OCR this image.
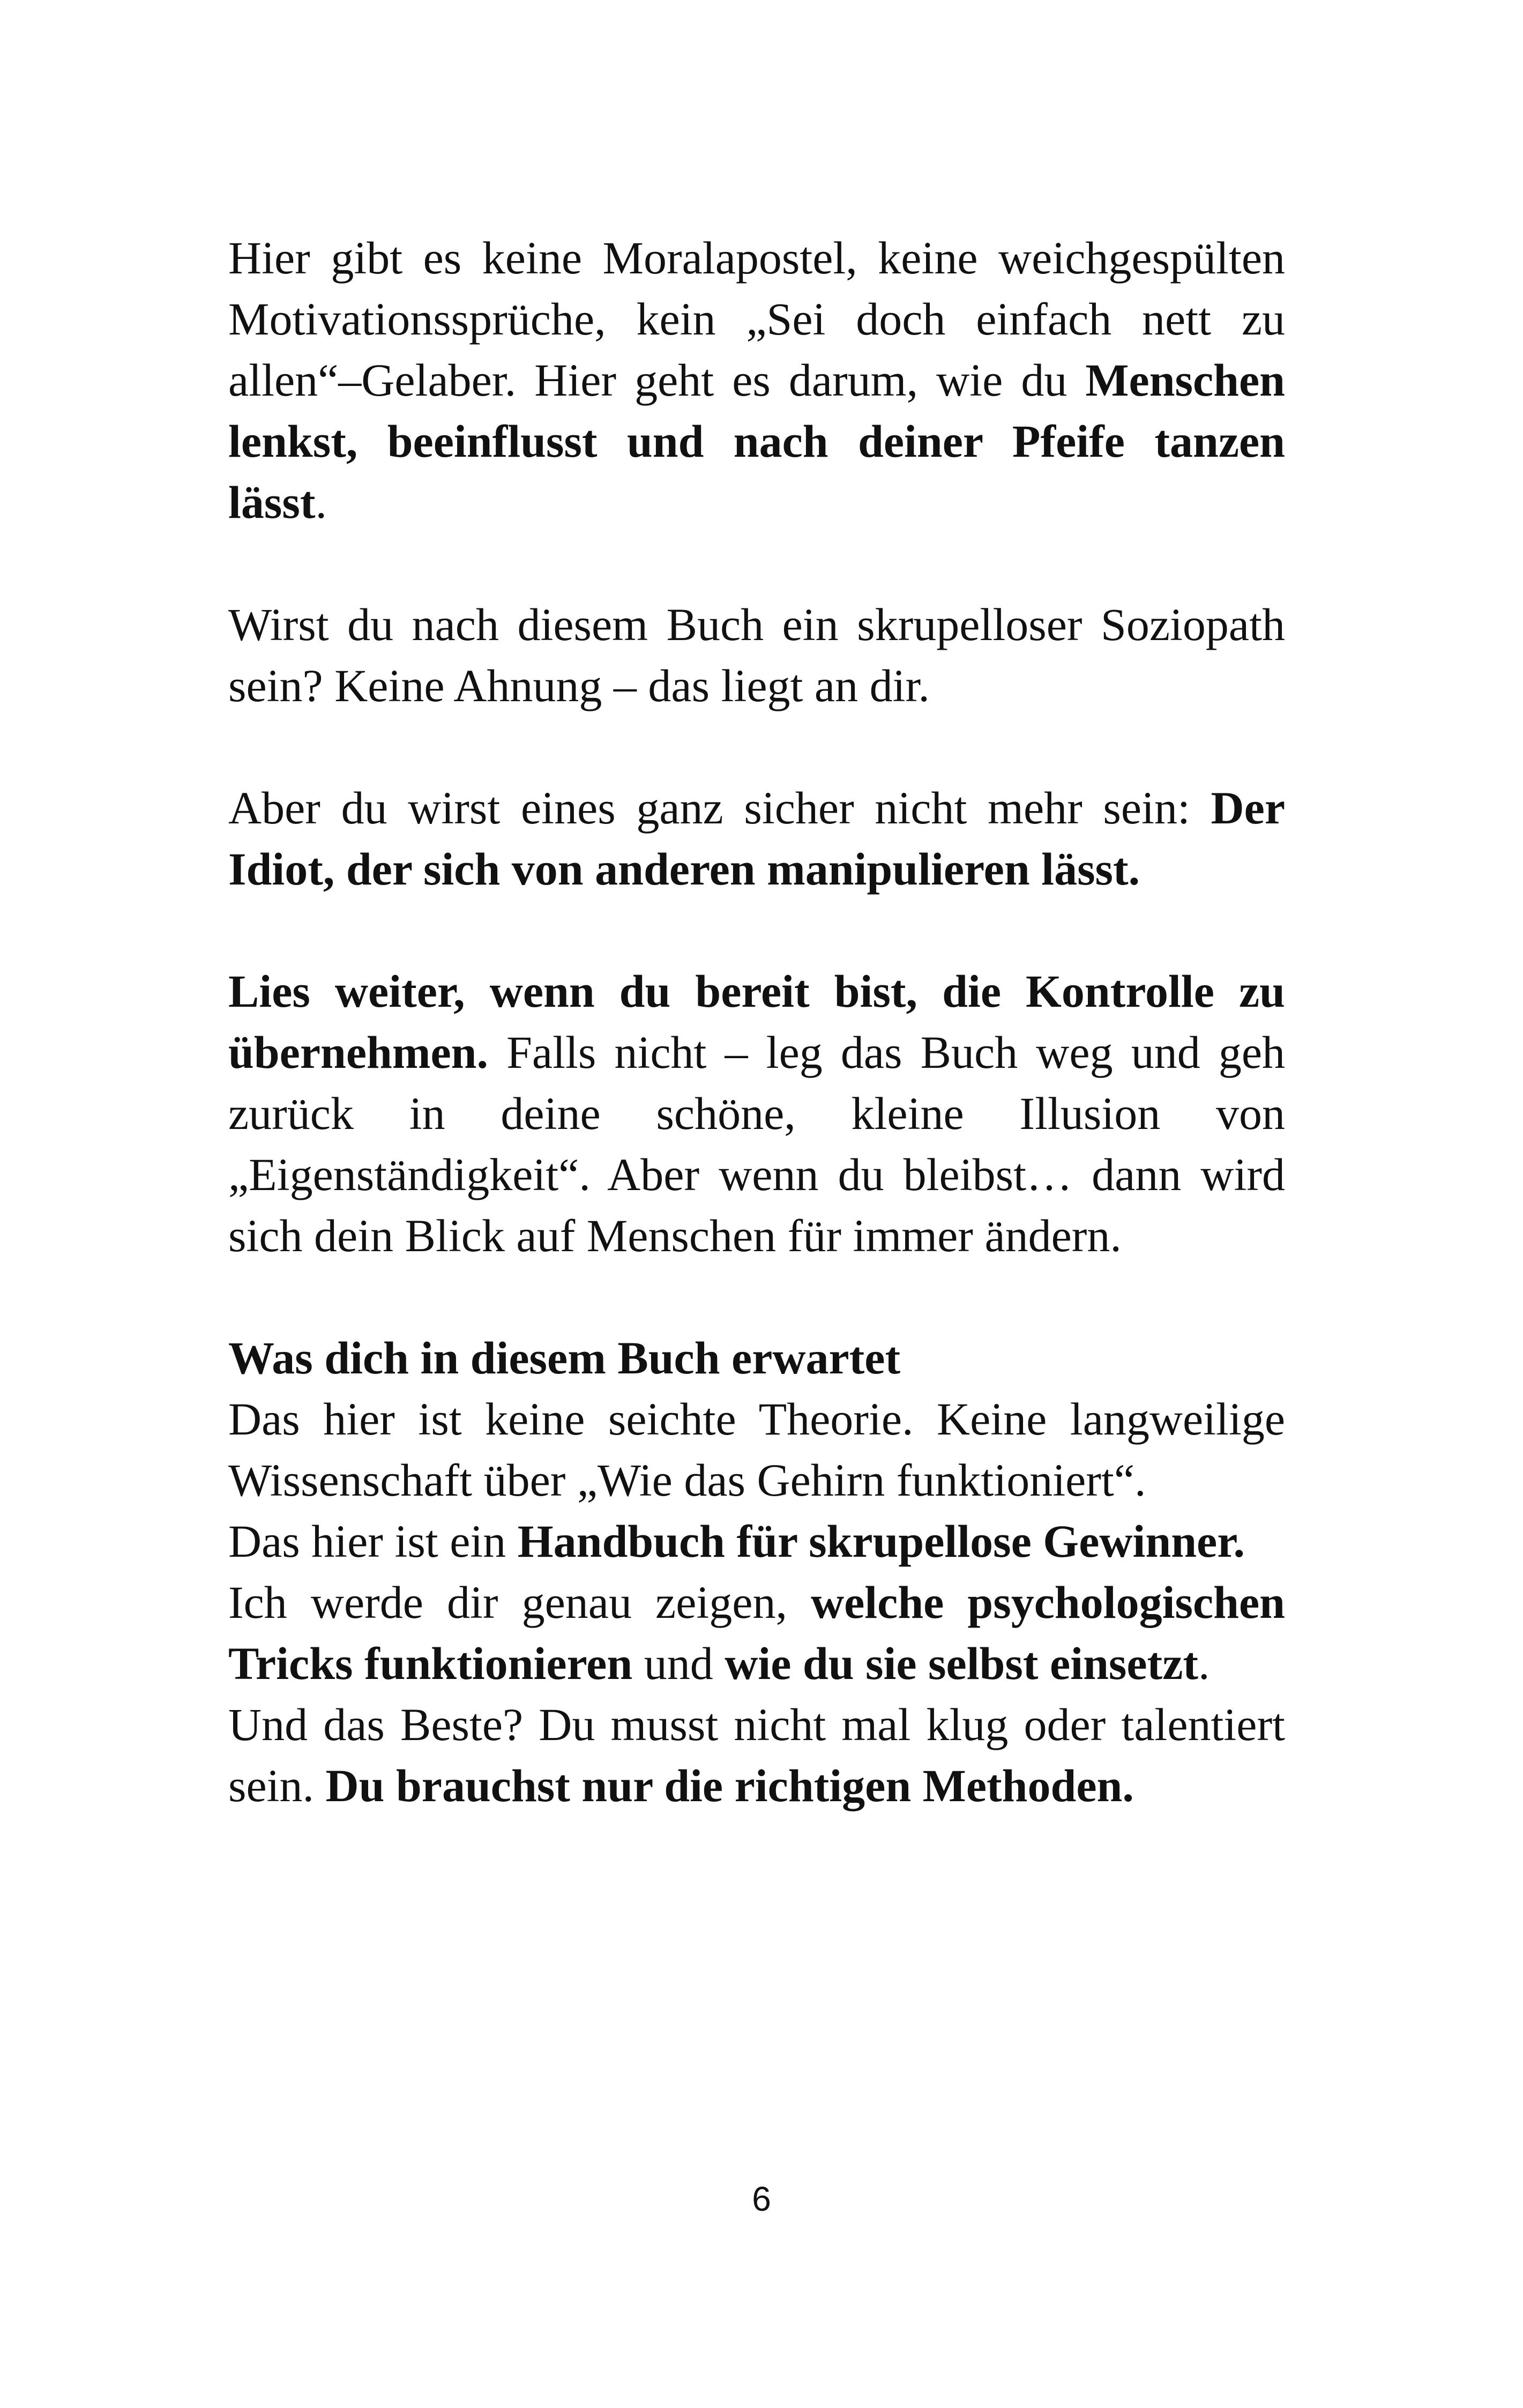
Hier gibt es keine Moralapostel, keine weichgespülten Motivationssprüche, kein „Sei doch einfach nett zu allen“–Gelaber. Hier geht es darum, wie du Menschen lenkst, beeinflusst und nach deiner Pfeife tanzen lässt.

Wirst du nach diesem Buch ein skrupelloser Soziopath sein? Keine Ahnung – das liegt an dir.

Aber du wirst eines ganz sicher nicht mehr sein: Der Idiot, der sich von anderen manipulieren lässt.

Lies weiter, wenn du bereit bist, die Kontrolle zu übernehmen. Falls nicht – leg das Buch weg und geh zurück in deine schöne, kleine Illusion von „Eigenständigkeit“. Aber wenn du bleibst… dann wird sich dein Blick auf Menschen für immer ändern.

Was dich in diesem Buch erwartet

Das hier ist keine seichte Theorie. Keine langweilige Wissenschaft über „Wie das Gehirn funktioniert“.

Das hier ist ein Handbuch für skrupellose Gewinner.

Ich werde dir genau zeigen, welche psychologischen Tricks funktionieren und wie du sie selbst einsetzt.

Und das Beste? Du musst nicht mal klug oder talentiert sein. Du brauchst nur die richtigen Methoden.

6
